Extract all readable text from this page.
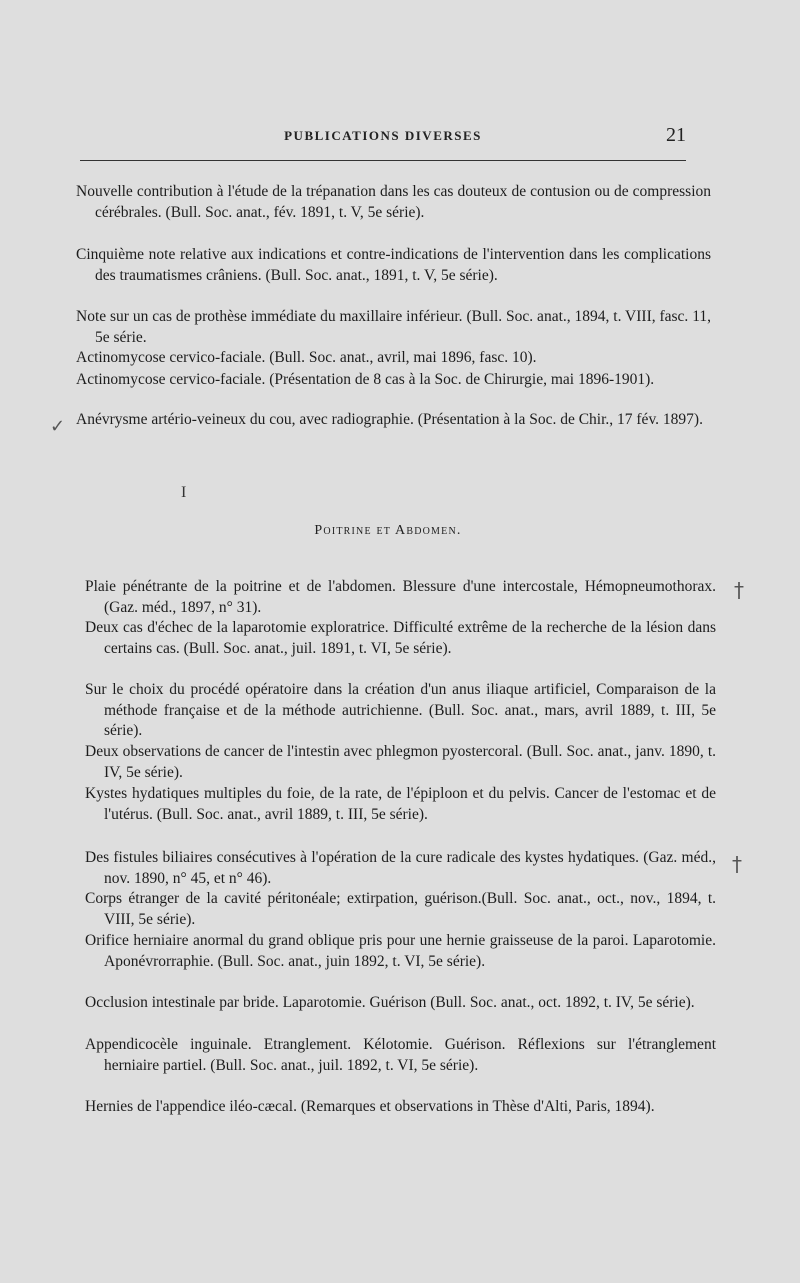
PUBLICATIONS DIVERSES	21
Nouvelle contribution à l'étude de la trépanation dans les cas douteux de contusion ou de compression cérébrales. (Bull. Soc. anat., fév. 1891, t. V, 5e série).
Cinquième note relative aux indications et contre-indications de l'intervention dans les complications des traumatismes crâniens. (Bull. Soc. anat., 1891, t. V, 5e série).
Note sur un cas de prothèse immédiate du maxillaire inférieur. (Bull. Soc. anat., 1894, t. VIII, fasc. 11, 5e série.
Actinomycose cervico-faciale. (Bull. Soc. anat., avril, mai 1896, fasc. 10).
Actinomycose cervico-faciale. (Présentation de 8 cas à la Soc. de Chirurgie, mai 1896-1901).
Anévrysme artério-veineux du cou, avec radiographie. (Présentation à la Soc. de Chir., 17 fév. 1897).
✓
I
Poitrine et Abdomen.
Plaie pénétrante de la poitrine et de l'abdomen. Blessure d'une intercostale, Hémopneumothorax. (Gaz. méd., 1897, n° 31).
Deux cas d'échec de la laparotomie exploratrice. Difficulté extrême de la recherche de la lésion dans certains cas. (Bull. Soc. anat., juil. 1891, t. VI, 5e série).
Sur le choix du procédé opératoire dans la création d'un anus iliaque artificiel, Comparaison de la méthode française et de la méthode autrichienne. (Bull. Soc. anat., mars, avril 1889, t. III, 5e série).
Deux observations de cancer de l'intestin avec phlegmon pyostercoral. (Bull. Soc. anat., janv. 1890, t. IV, 5e série).
Kystes hydatiques multiples du foie, de la rate, de l'épiploon et du pelvis. Cancer de l'estomac et de l'utérus. (Bull. Soc. anat., avril 1889, t. III, 5e série).
Des fistules biliaires consécutives à l'opération de la cure radicale des kystes hydatiques. (Gaz. méd., nov. 1890, n° 45, et n° 46).
Corps étranger de la cavité péritonéale; extirpation, guérison.(Bull. Soc. anat., oct., nov., 1894, t. VIII, 5e série).
Orifice herniaire anormal du grand oblique pris pour une hernie graisseuse de la paroi. Laparotomie. Aponévrorraphie. (Bull. Soc. anat., juin 1892, t. VI, 5e série).
Occlusion intestinale par bride. Laparotomie. Guérison (Bull. Soc. anat., oct. 1892, t. IV, 5e série).
Appendicocèle inguinale. Etranglement. Kélotomie. Guérison. Réflexions sur l'étranglement herniaire partiel. (Bull. Soc. anat., juil. 1892, t. VI, 5e série).
Hernies de l'appendice iléo-cæcal. (Remarques et observations in Thèse d'Alti, Paris, 1894).
†
†
